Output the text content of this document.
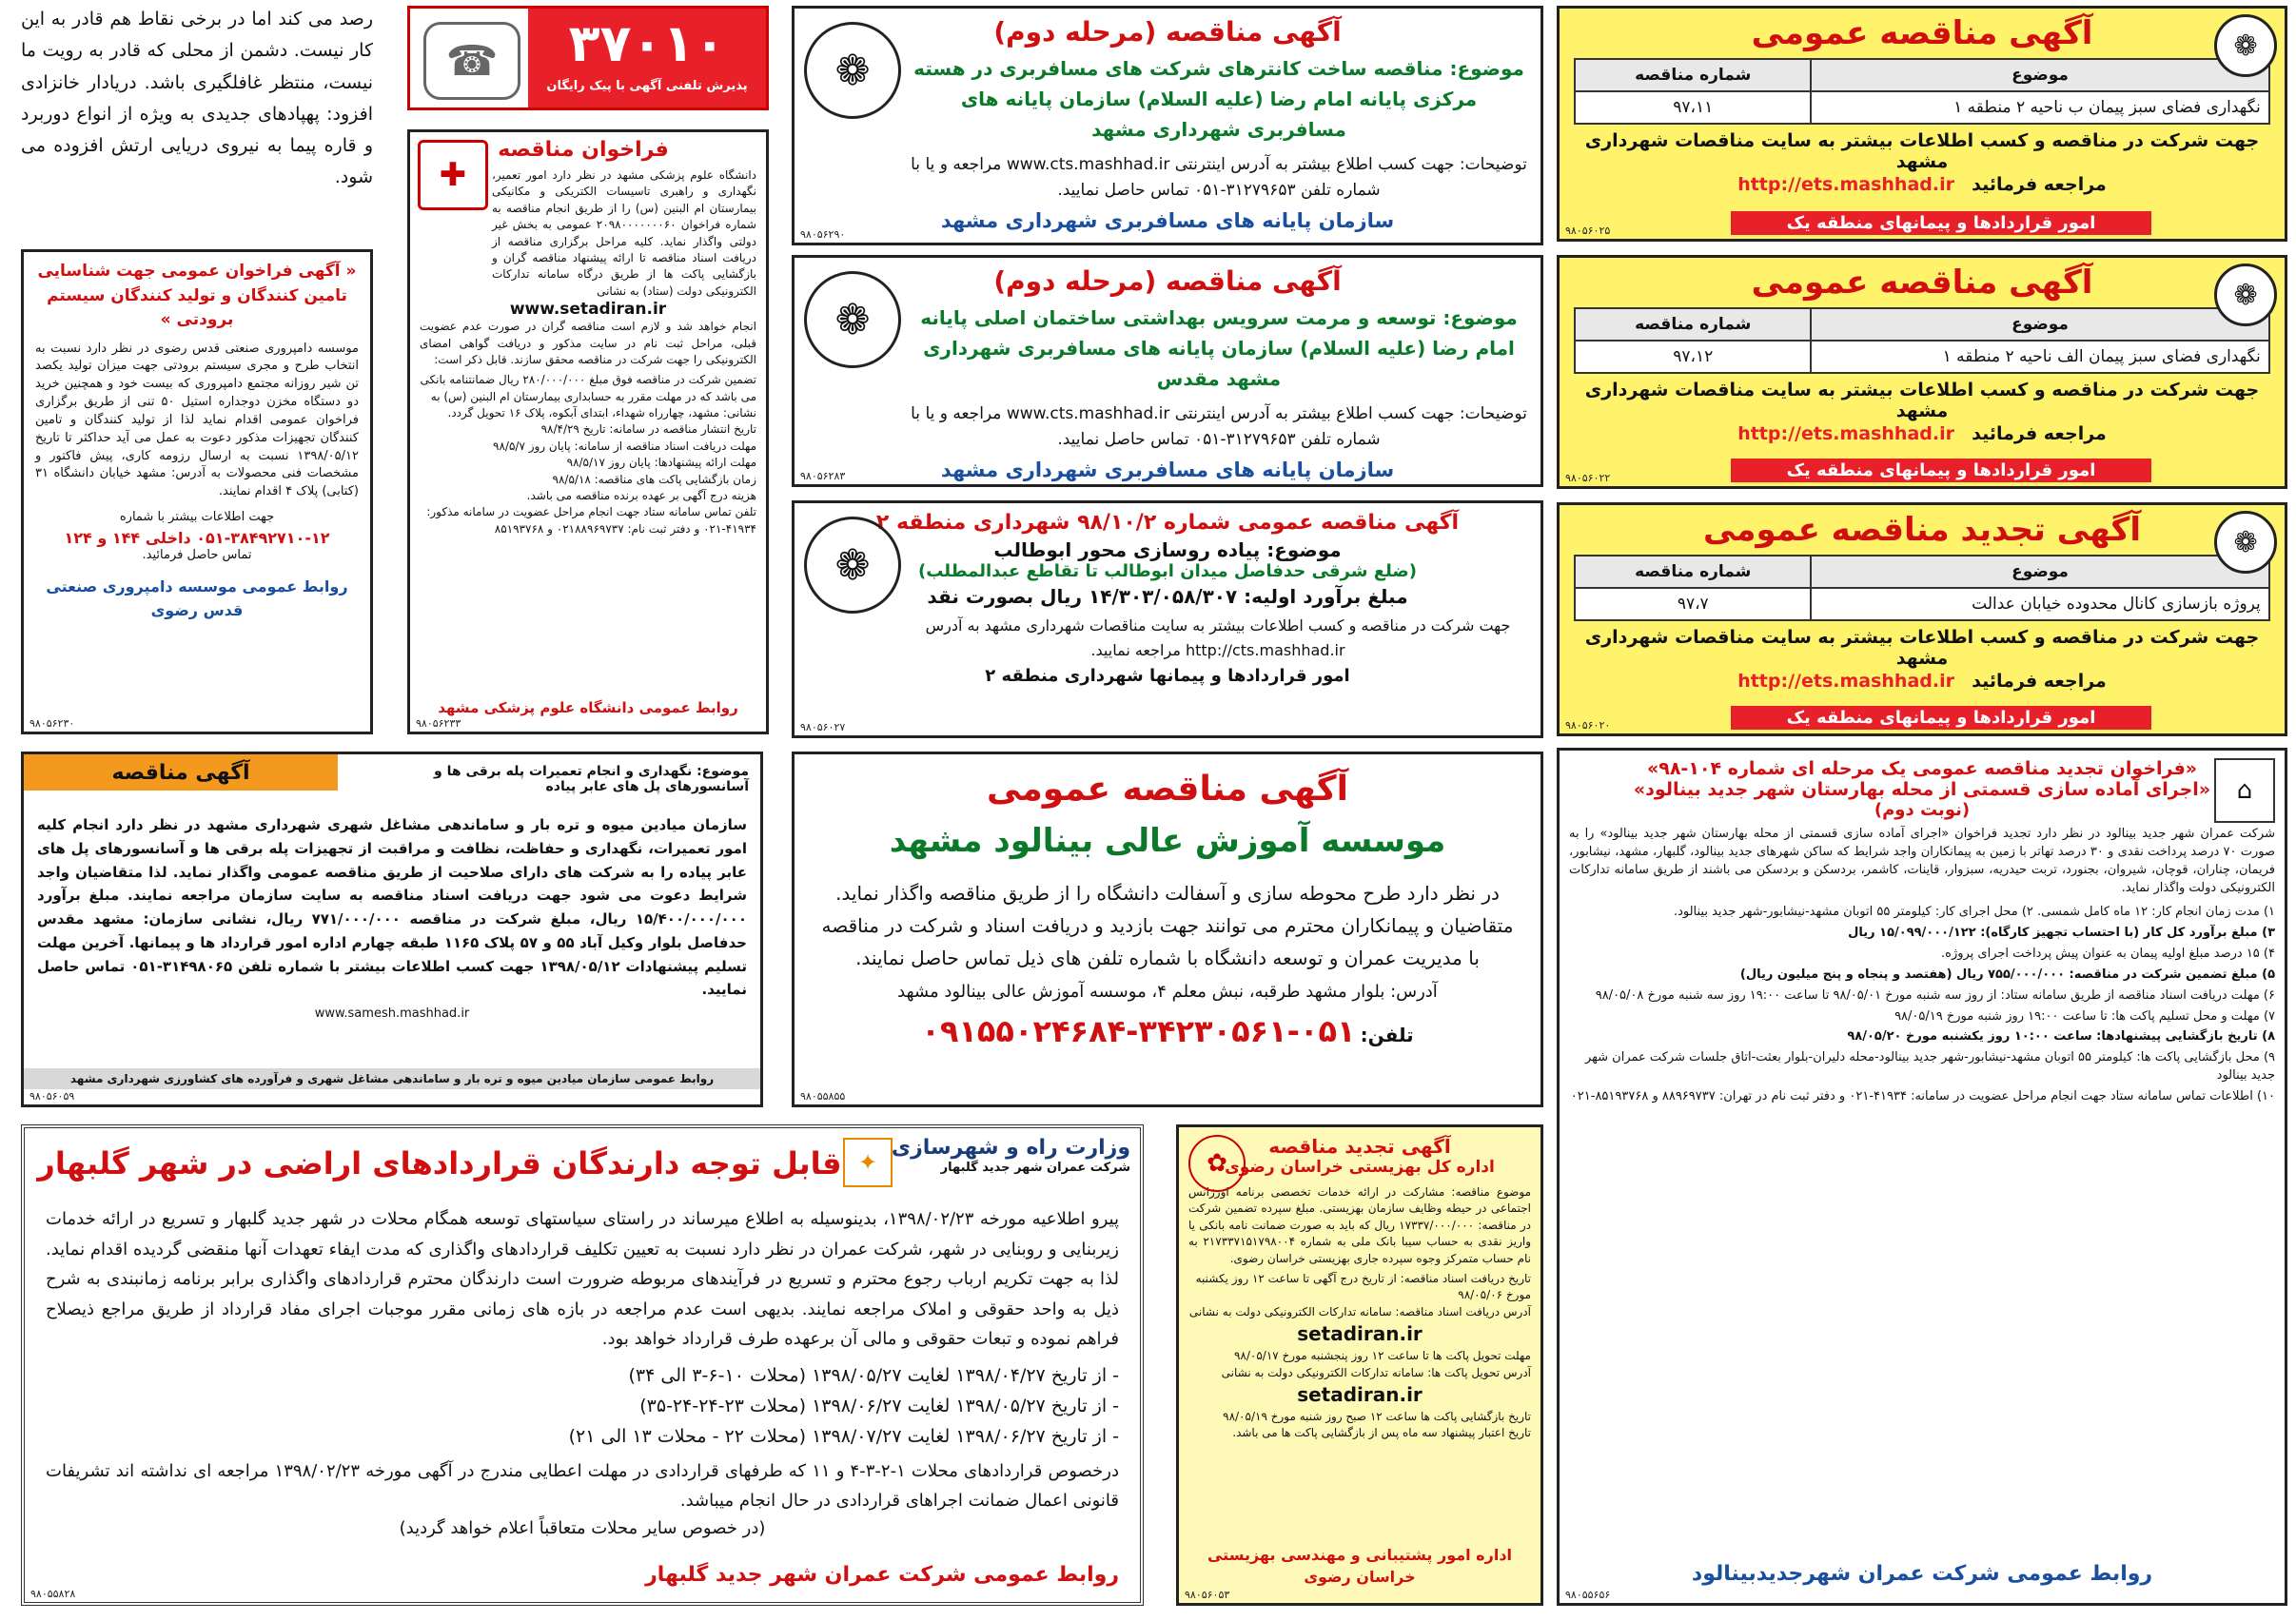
❁
آگهی مناقصه عمومی
موضوع	شماره مناقصه
نگهداری فضای سبز پیمان ب ناحیه ۲ منطقه ۱	۹۷،۱۱
جهت شرکت در مناقصه و کسب اطلاعات بیشتر به سایت مناقصات شهرداری مشهد
مراجعه فرمائید   http://ets.mashhad.ir
امور قراردادها و پیمانهای منطقه یک
۹۸۰۵۶۰۲۵
❁
آگهی مناقصه عمومی
موضوع	شماره مناقصه
نگهداری فضای سبز پیمان الف ناحیه ۲ منطقه ۱	۹۷،۱۲
جهت شرکت در مناقصه و کسب اطلاعات بیشتر به سایت مناقصات شهرداری مشهد
مراجعه فرمائید   http://ets.mashhad.ir
امور قراردادها و پیمانهای منطقه یک
۹۸۰۵۶۰۲۲
❁
آگهی تجدید مناقصه عمومی
موضوع	شماره مناقصه
پروژه بازسازی کانال محدوده خیابان عدالت	۹۷،۷
جهت شرکت در مناقصه و کسب اطلاعات بیشتر به سایت مناقصات شهرداری مشهد
مراجعه فرمائید   http://ets.mashhad.ir
امور قراردادها و پیمانهای منطقه یک
۹۸۰۵۶۰۲۰
⌂
«فراخوان تجدید مناقصه عمومی یک مرحله ای شماره ۱۰۴-۹۸»
«اجرای آماده سازی قسمتی از محله بهارستان شهر جدید بینالود»
(نوبت دوم)
شرکت عمران شهر جدید بینالود در نظر دارد تجدید فراخوان «اجرای آماده سازی قسمتی از محله بهارستان شهر جدید بینالود» را به صورت ۷۰ درصد پرداخت نقدی و ۳۰ درصد تهاتر با زمین به پیمانکاران واجد شرایط که ساکن شهرهای جدید بینالود، گلبهار، مشهد، نیشابور، فریمان، چناران، قوچان، شیروان، بجنورد، تربت حیدریه، سبزوار، قاینات، کاشمر، بردسکن و بردسکن می باشند از طریق سامانه تدارکات الکترونیکی دولت واگذار نماید.
۱) مدت زمان انجام کار: ۱۲ ماه کامل شمسی. ۲) محل اجرای کار: کیلومتر ۵۵ اتوبان مشهد-نیشابور-شهر جدید بینالود.
۳) مبلغ برآورد کل کار (با احتساب تجهیز کارگاه): ۱۵/۰۹۹/۰۰۰/۱۲۲ ریال
۴) ۱۵ درصد مبلغ اولیه پیمان به عنوان پیش پرداخت اجرای پروژه.
۵) مبلغ تضمین شرکت در مناقصه: ۷۵۵/۰۰۰/۰۰۰ ریال (هفتصد و پنجاه و پنج میلیون ریال)
۶) مهلت دریافت اسناد مناقصه از طریق سامانه ستاد: از روز سه شنبه مورخ ۹۸/۰۵/۰۱ تا ساعت ۱۹:۰۰ روز سه شنبه مورخ ۹۸/۰۵/۰۸
۷) مهلت و محل تسلیم پاکت ها: تا ساعت ۱۹:۰۰ روز شنبه مورخ ۹۸/۰۵/۱۹
۸) تاریخ بازگشایی پیشنهادها: ساعت ۱۰:۰۰ روز یکشنبه مورخ ۹۸/۰۵/۲۰
۹) محل بازگشایی پاکت ها: کیلومتر ۵۵ اتوبان مشهد-نیشابور-شهر جدید بینالود-محله دلیران-بلوار بعثت-اتاق جلسات شرکت عمران شهر جدید بینالود
۱۰) اطلاعات تماس سامانه ستاد جهت انجام مراحل عضویت در سامانه: ۴۱۹۳۴-۰۲۱ و دفتر ثبت نام در تهران: ۸۸۹۶۹۷۳۷ و ۸۵۱۹۳۷۶۸-۰۲۱
روابط عمومی شرکت عمران شهرجدیدبینالود
۹۸۰۵۵۶۵۶
❁
آگهی مناقصه (مرحله دوم)
موضوع: مناقصه ساخت کانترهای شرکت های مسافربری در هسته مرکزی پایانه امام رضا (علیه السلام) سازمان پایانه های مسافربری شهرداری مشهد
توضیحات: جهت کسب اطلاع بیشتر به آدرس اینترنتی www.cts.mashhad.ir مراجعه و یا با شماره تلفن ۳۱۲۷۹۶۵۳-۰۵۱ تماس حاصل نمایید.
سازمان پایانه های مسافربری شهرداری مشهد
۹۸۰۵۶۲۹۰
❁
آگهی مناقصه (مرحله دوم)
موضوع: توسعه و مرمت سرویس بهداشتی ساختمان اصلی پایانه امام رضا (علیه السلام) سازمان پایانه های مسافربری شهرداری مشهد مقدس
توضیحات: جهت کسب اطلاع بیشتر به آدرس اینترنتی www.cts.mashhad.ir مراجعه و یا با شماره تلفن ۳۱۲۷۹۶۵۳-۰۵۱ تماس حاصل نمایید.
سازمان پایانه های مسافربری شهرداری مشهد
۹۸۰۵۶۲۸۳
❁
آگهی مناقصه عمومی شماره ۹۸/۱۰/۲ شهرداری منطقه ۲
موضوع: پیاده روسازی محور ابوطالب
(ضلع شرقی حدفاصل میدان ابوطالب تا تقاطع عبدالمطلب)
مبلغ برآورد اولیه: ۱۴/۳۰۳/۰۵۸/۳۰۷ ریال بصورت نقد
جهت شرکت در مناقصه و کسب اطلاعات بیشتر به سایت مناقصات شهرداری مشهد به آدرس http://cts.mashhad.ir مراجعه نمایید.
امور قراردادها و پیمانها شهرداری منطقه ۲
۹۸۰۵۶۰۲۷
آگهی مناقصه عمومی
موسسه آموزش عالی بینالود مشهد
در نظر دارد طرح محوطه سازی و آسفالت دانشگاه را از طریق مناقصه واگذار نماید.
متقاضیان و پیمانکاران محترم می توانند جهت بازدید و دریافت اسناد و شرکت در مناقصه
با مدیریت عمران و توسعه دانشگاه با شماره تلفن های ذیل تماس حاصل نمایند.
آدرس: بلوار مشهد طرقبه، نبش معلم ۴، موسسه آموزش عالی بینالود مشهد
تلفن: ۰۵۱-۳۴۲۳۰۵۶۱-۰۹۱۵۵۰۲۴۶۸۴
۹۸۰۵۵۸۵۵
✿
آگهی تجدید مناقصه
اداره کل بهزیستی خراسان رضوی
موضوع مناقصه: مشارکت در ارائه خدمات تخصصی برنامه اورژانس اجتماعی در حیطه وظایف سازمان بهزیستی. مبلغ سپرده تضمین شرکت در مناقصه: ۱۷۳۳۷/۰۰۰/۰۰۰ ریال که باید به صورت ضمانت نامه بانکی یا واریز نقدی به حساب سیبا بانک ملی به شماره ۲۱۷۳۳۷۱۵۱۷۹۸۰۰۴ به نام حساب متمرکز وجوه سپرده جاری بهزیستی خراسان رضوی.
تاریخ دریافت اسناد مناقصه: از تاریخ درج آگهی تا ساعت ۱۲ روز یکشنبه مورخ ۹۸/۰۵/۰۶
آدرس دریافت اسناد مناقصه: سامانه تدارکات الکترونیکی دولت به نشانی
setadiran.ir
مهلت تحویل پاکت ها تا ساعت ۱۲ روز پنجشنبه مورخ ۹۸/۰۵/۱۷
آدرس تحویل پاکت ها: سامانه تدارکات الکترونیکی دولت به نشانی
setadiran.ir
تاریخ بازگشایی پاکت ها ساعت ۱۲ صبح روز شنبه مورخ ۹۸/۰۵/۱۹
تاریخ اعتبار پیشنهاد سه ماه پس از بازگشایی پاکت ها می باشد.
اداره امور پشتیبانی و مهندسی بهزیستی خراسان رضوی
۹۸۰۵۶۰۵۳
آگهی مناقصه	موضوع: نگهداری و انجام تعمیرات پله برقی ها و آسانسورهای پل های عابر پیاده
سازمان میادین میوه و تره بار و ساماندهی مشاغل شهری شهرداری مشهد در نظر دارد انجام کلیه امور تعمیرات، نگهداری و حفاظت، نظافت و مراقبت از تجهیزات پله برقی ها و آسانسورهای پل های عابر پیاده را به شرکت های دارای صلاحیت از طریق مناقصه عمومی واگذار نماید. لذا متقاضیان واجد شرایط دعوت می شود جهت دریافت اسناد مناقصه به سایت سازمان مراجعه نمایند. مبلغ برآورد ۱۵/۴۰۰/۰۰۰/۰۰۰ ریال، مبلغ شرکت در مناقصه ۷۷۱/۰۰۰/۰۰۰ ریال، نشانی سازمان: مشهد مقدس حدفاصل بلوار وکیل آباد ۵۵ و ۵۷ پلاک ۱۱۶۵ طبقه چهارم اداره امور قرارداد ها و پیمانها. آخرین مهلت تسلیم پیشنهادات ۱۳۹۸/۰۵/۱۲ جهت کسب اطلاعات بیشتر با شماره تلفن ۳۱۴۹۸۰۶۵-۰۵۱ تماس حاصل نمایید.
www.samesh.mashhad.ir
روابط عمومی سازمان میادین میوه و تره بار و ساماندهی مشاغل شهری و فرآورده های کشاورزی شهرداری مشهد
۹۸۰۵۶۰۵۹
وزارت راه و شهرسازی
شرکت عمران شهر جدید گلبهار
✦
قابل توجه دارندگان قراردادهای اراضی در شهر گلبهار
پیرو اطلاعیه مورخه ۱۳۹۸/۰۲/۲۳، بدینوسیله به اطلاع میرساند در راستای سیاستهای توسعه همگام محلات در شهر جدید گلبهار و تسریع در ارائه خدمات زیربنایی و روبنایی در شهر، شرکت عمران در نظر دارد نسبت به تعیین تکلیف قراردادهای واگذاری که مدت ایفاء تعهدات آنها منقضی گردیده اقدام نماید. لذا به جهت تکریم ارباب رجوع محترم و تسریع در فرآیندهای مربوطه ضرورت است دارندگان محترم قراردادهای واگذاری برابر برنامه زمانبندی به شرح ذیل به واحد حقوقی و املاک مراجعه نمایند. بدیهی است عدم مراجعه در بازه های زمانی مقرر موجبات اجرای مفاد قرارداد از طریق مراجع ذیصلاح فراهم نموده و تبعات حقوقی و مالی آن برعهده طرف قرارداد خواهد بود.
- از تاریخ ۱۳۹۸/۰۴/۲۷ لغایت ۱۳۹۸/۰۵/۲۷ (محلات ۱۰-۶-۳ الی ۳۴)
- از تاریخ ۱۳۹۸/۰۵/۲۷ لغایت ۱۳۹۸/۰۶/۲۷ (محلات ۲۳-۲۴-۲۴-۳۵)
- از تاریخ ۱۳۹۸/۰۶/۲۷ لغایت ۱۳۹۸/۰۷/۲۷ (محلات ۲۲ - محلات ۱۳ الی ۲۱)
درخصوص قراردادهای محلات ۱-۲-۳-۴ و ۱۱ که طرفهای قراردادی در مهلت اعطایی مندرج در آگهی مورخه ۱۳۹۸/۰۲/۲۳ مراجعه ای نداشته اند تشریفات قانونی اعمال ضمانت اجراهای قراردادی در حال انجام میباشد.
(در خصوص سایر محلات متعاقباً اعلام خواهد گردید)
روابط عمومی شرکت عمران شهر جدید گلبهار
۹۸۰۵۵۸۲۸
رصد می کند اما در برخی نقاط هم قادر به این کار نیست. دشمن از محلی که قادر به رویت ما نیست، منتظر غافلگیری باشد. دریادار خانزادی افزود: پهپادهای جدیدی به ویژه از انواع دوربرد و قاره پیما به نیروی دریایی ارتش افزوده می شود.
« آگهی فراخوان عمومی جهت شناسایی تامین کنندگان و تولید کنندگان سیستم برودتی »
موسسه دامپروری صنعتی قدس رضوی در نظر دارد نسبت به انتخاب طرح و مجری سیستم برودتی جهت میزان تولید یکصد تن شیر روزانه مجتمع دامپروری که بیست خود و همچنین خرید دو دستگاه مخزن دوجداره استیل ۵۰ تنی از طریق برگزاری فراخوان عمومی اقدام نماید لذا از تولید کنندگان و تامین کنندگان تجهیزات مذکور دعوت به عمل می آید حداکثر تا تاریخ ۱۳۹۸/۰۵/۱۲ نسبت به ارسال رزومه کاری، پیش فاکتور و مشخصات فنی محصولات به آدرس: مشهد خیابان دانشگاه ۳۱ (کتابی) پلاک ۴ اقدام نمایند.
جهت اطلاعات بیشتر با شماره
۰۵۱-۳۸۴۹۲۷۱۰-۱۲ داخلی ۱۴۴ و ۱۲۴
تماس حاصل فرمائید.
روابط عمومی موسسه دامپروری صنعتی قدس رضوی
۹۸۰۵۶۲۳۰
۳۷۰۱۰
پذیرش تلفنی آگهی با پیک رایگان
☎
✚
فراخوان مناقصه
دانشگاه علوم پزشکی مشهد در نظر دارد امور تعمیر، نگهداری و راهبری تاسیسات الکتریکی و مکانیکی بیمارستان ام البنین (س) را از طریق انجام مناقصه به شماره فراخوان ۲۰۹۸۰۰۰۰۰۰۰۶۰ عمومی به بخش غیر دولتی واگذار نماید. کلیه مراحل برگزاری مناقصه از دریافت اسناد مناقصه تا ارائه پیشنهاد مناقصه گران و بازگشایی پاکت ها از طریق درگاه سامانه تدارکات الکترونیکی دولت (ستاد) به نشانی
www.setadiran.ir
انجام خواهد شد و لازم است مناقصه گران در صورت عدم عضویت قبلی، مراحل ثبت نام در سایت مذکور و دریافت گواهی امضای الکترونیکی را جهت شرکت در مناقصه محقق سازند. قابل ذکر است:
تضمین شرکت در مناقصه فوق مبلغ ۲۸۰/۰۰۰/۰۰۰ ریال ضمانتنامه بانکی می باشد که در مهلت مقرر به حسابداری بیمارستان ام البنین (س) به نشانی: مشهد، چهارراه شهداء، ابتدای آبکوه، پلاک ۱۶ تحویل گردد.
تاریخ انتشار مناقصه در سامانه: تاریخ ۹۸/۴/۲۹
مهلت دریافت اسناد مناقصه از سامانه: پایان روز ۹۸/۵/۷
مهلت ارائه پیشنهادها: پایان روز ۹۸/۵/۱۷
زمان بازگشایی پاکت های مناقصه: ۹۸/۵/۱۸
هزینه درج آگهی بر عهده برنده مناقصه می باشد.
تلفن تماس سامانه ستاد جهت انجام مراحل عضویت در سامانه مذکور: ۴۱۹۳۴-۰۲۱ و دفتر ثبت نام: ۰۲۱۸۸۹۶۹۷۳۷ و ۸۵۱۹۳۷۶۸
روابط عمومی دانشگاه علوم پزشکی مشهد
۹۸۰۵۶۲۳۳
